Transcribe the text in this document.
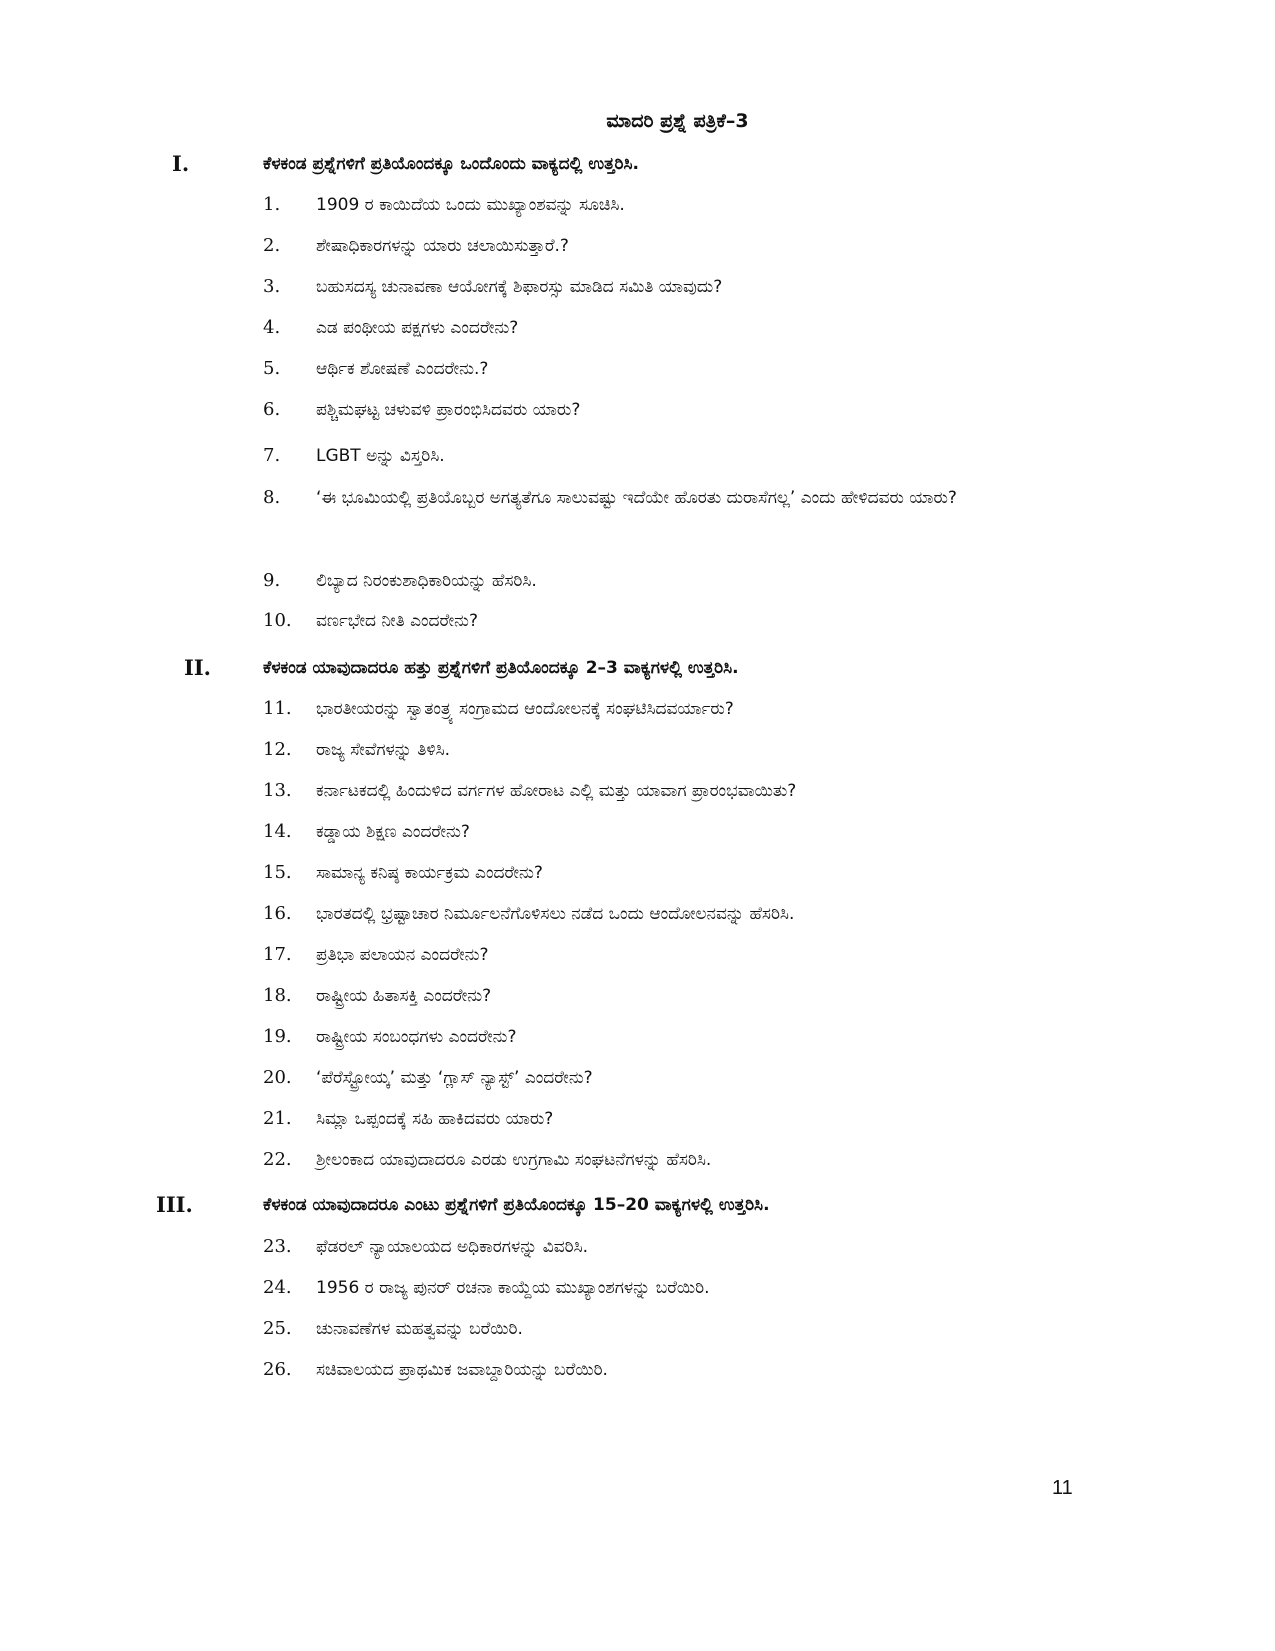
ಮಾದರಿ ಪ್ರಶ್ನೆ ಪತ್ರಿಕೆ–3
I.	ಕೆಳಕಂಡ ಪ್ರಶ್ನೆಗಳಿಗೆ ಪ್ರತಿಯೊಂದಕ್ಕೂ ಒಂದೊಂದು ವಾಕ್ಯದಲ್ಲಿ ಉತ್ತರಿಸಿ.
1. 1909 ರ ಕಾಯಿದೆಯ ಒಂದು ಮುಖ್ಯಾಂಶವನ್ನು ಸೂಚಿಸಿ.
2. ಶೇಷಾಧಿಕಾರಗಳನ್ನು ಯಾರು ಚಲಾಯಿಸುತ್ತಾರೆ.?
3. ಬಹುಸದಸ್ಯ ಚುನಾವಣಾ ಆಯೋಗಕ್ಕೆ ಶಿಫಾರಸ್ಸು ಮಾಡಿದ ಸಮಿತಿ ಯಾವುದು?
4. ಎಡ ಪಂಥೀಯ ಪಕ್ಷಗಳು ಎಂದರೇನು?
5. ಆರ್ಥಿಕ ಶೋಷಣೆ ಎಂದರೇನು.?
6. ಪಶ್ಚಿಮಘಟ್ಟ ಚಳುವಳಿ ಪ್ರಾರಂಭಿಸಿದವರು ಯಾರು?
7. LGBT ಅನ್ನು ವಿಸ್ತರಿಸಿ.
8. ‘ಈ ಭೂಮಿಯಲ್ಲಿ ಪ್ರತಿಯೊಬ್ಬರ ಅಗತ್ಯತೆಗೂ ಸಾಲುವಷ್ಟು ಇದೆಯೇ ಹೊರತು ದುರಾಸೆಗಲ್ಲ’ ಎಂದು ಹೇಳಿದವರು ಯಾರು?
9. ಲಿಬ್ಯಾದ ನಿರಂಕುಶಾಧಿಕಾರಿಯನ್ನು ಹೆಸರಿಸಿ.
10. ವರ್ಣಭೇದ ನೀತಿ ಎಂದರೇನು?
II.	ಕೆಳಕಂಡ ಯಾವುದಾದರೂ ಹತ್ತು ಪ್ರಶ್ನೆಗಳಿಗೆ ಪ್ರತಿಯೊಂದಕ್ಕೂ 2–3 ವಾಕ್ಯಗಳಲ್ಲಿ ಉತ್ತರಿಸಿ.
11. ಭಾರತೀಯರನ್ನು ಸ್ವಾತಂತ್ರ್ಯ ಸಂಗ್ರಾಮದ ಆಂದೋಲನಕ್ಕೆ ಸಂಘಟಿಸಿದವರ್ಯಾರು?
12. ರಾಜ್ಯ ಸೇವೆಗಳನ್ನು ತಿಳಿಸಿ.
13. ಕರ್ನಾಟಕದಲ್ಲಿ ಹಿಂದುಳಿದ ವರ್ಗಗಳ ಹೋರಾಟ ಎಲ್ಲಿ ಮತ್ತು ಯಾವಾಗ ಪ್ರಾರಂಭವಾಯಿತು?
14. ಕಡ್ಡಾಯ ಶಿಕ್ಷಣ ಎಂದರೇನು?
15. ಸಾಮಾನ್ಯ ಕನಿಷ್ಠ ಕಾರ್ಯಕ್ರಮ ಎಂದರೇನು?
16. ಭಾರತದಲ್ಲಿ ಭ್ರಷ್ಟಾಚಾರ ನಿರ್ಮೂಲನೆಗೊಳಿಸಲು ನಡೆದ ಒಂದು ಆಂದೋಲನವನ್ನು ಹೆಸರಿಸಿ.
17. ಪ್ರತಿಭಾ ಪಲಾಯನ ಎಂದರೇನು?
18. ರಾಷ್ಟ್ರೀಯ ಹಿತಾಸಕ್ತಿ ಎಂದರೇನು?
19. ರಾಷ್ಟ್ರೀಯ ಸಂಬಂಧಗಳು ಎಂದರೇನು?
20. ‘ಪೆರೆಸ್ಟ್ರೋಯ್ಕ’ ಮತ್ತು ‘ಗ್ಲಾಸ್ ನ್ಯಾಸ್ಟ್’ ಎಂದರೇನು?
21. ಸಿಮ್ಲಾ ಒಪ್ಪಂದಕ್ಕೆ ಸಹಿ ಹಾಕಿದವರು ಯಾರು?
22. ಶ್ರೀಲಂಕಾದ ಯಾವುದಾದರೂ ಎರಡು ಉಗ್ರಗಾಮಿ ಸಂಘಟನೆಗಳನ್ನು ಹೆಸರಿಸಿ.
III.	ಕೆಳಕಂಡ ಯಾವುದಾದರೂ ಎಂಟು ಪ್ರಶ್ನೆಗಳಿಗೆ ಪ್ರತಿಯೊಂದಕ್ಕೂ 15–20 ವಾಕ್ಯಗಳಲ್ಲಿ ಉತ್ತರಿಸಿ.
23. ಫೆಡರಲ್ ನ್ಯಾಯಾಲಯದ ಅಧಿಕಾರಗಳನ್ನು ವಿವರಿಸಿ.
24. 1956 ರ ರಾಜ್ಯ ಪುನರ್ ರಚನಾ ಕಾಯ್ದೆಯ ಮುಖ್ಯಾಂಶಗಳನ್ನು ಬರೆಯಿರಿ.
25. ಚುನಾವಣೆಗಳ ಮಹತ್ವವನ್ನು ಬರೆಯಿರಿ.
26. ಸಚಿವಾಲಯದ ಪ್ರಾಥಮಿಕ ಜವಾಬ್ದಾರಿಯನ್ನು ಬರೆಯಿರಿ.
11
